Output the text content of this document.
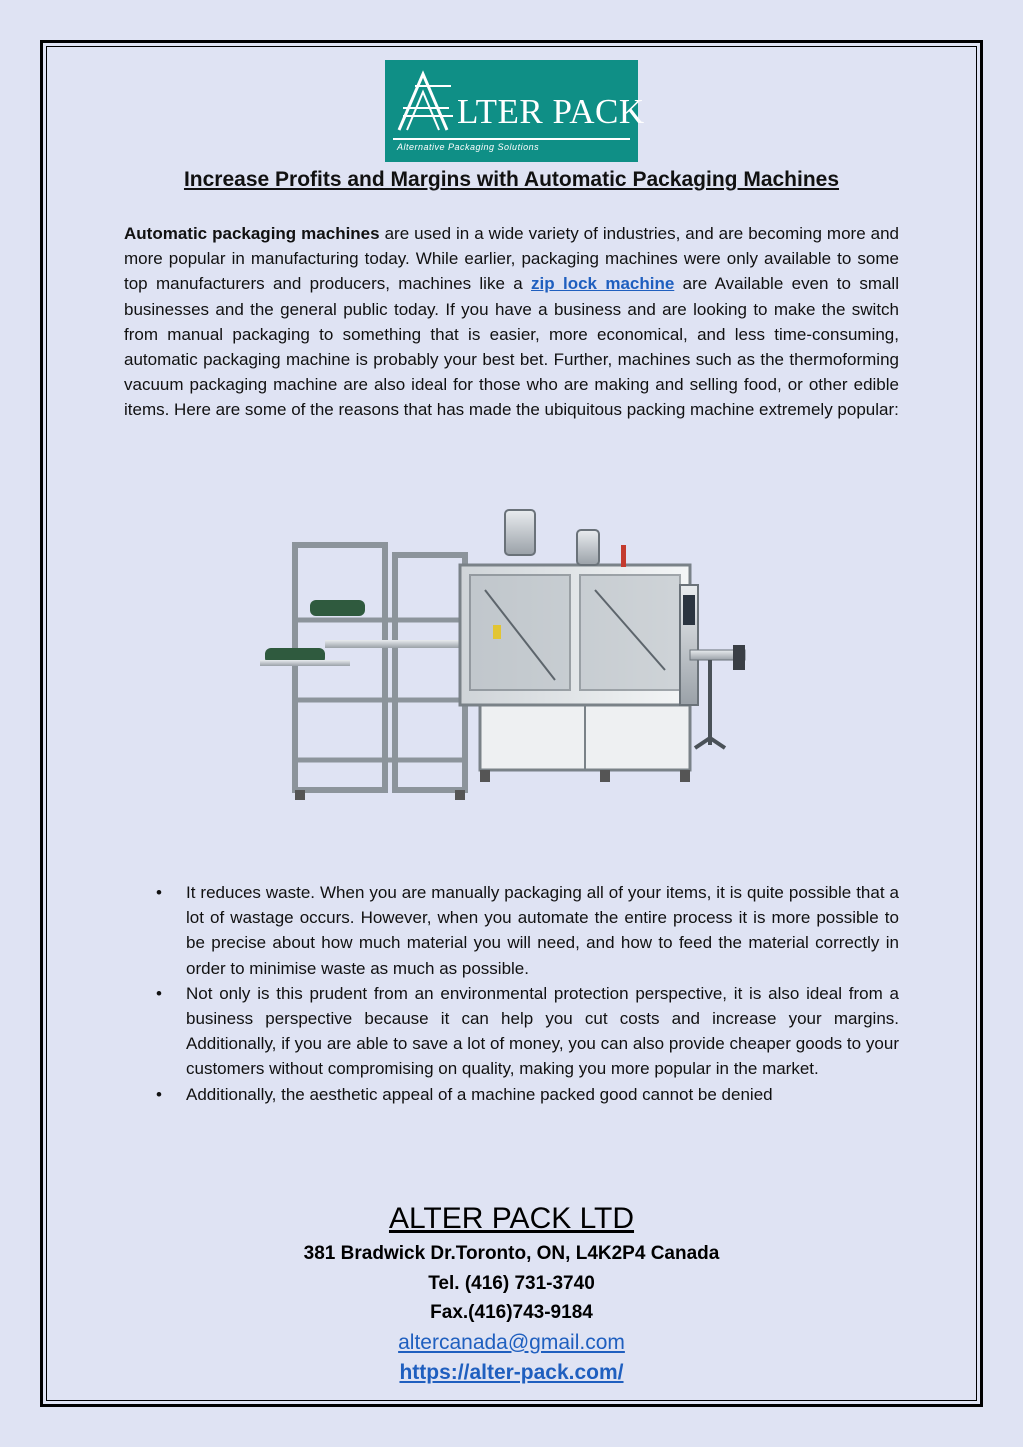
LTER PACK
Alternative Packaging Solutions
Increase Profits and Margins with Automatic Packaging Machines

Automatic packaging machines are used in a wide variety of industries, and are becoming more and more popular in manufacturing today. While earlier, packaging machines were only available to some top manufacturers and producers, machines like a zip lock machine are Available even to small businesses and the general public today. If you have a business and are looking to make the switch from manual packaging to something that is easier, more economical, and less time-consuming, automatic packaging machine is probably your best bet. Further, machines such as the thermoforming vacuum packaging machine are also ideal for those who are making and selling food, or other edible items. Here are some of the reasons that has made the ubiquitous packing machine extremely popular:

• It reduces waste. When you are manually packaging all of your items, it is quite possible that a lot of wastage occurs. However, when you automate the entire process it is more possible to be precise about how much material you will need, and how to feed the material correctly in order to minimise waste as much as possible.
• Not only is this prudent from an environmental protection perspective, it is also ideal from a business perspective because it can help you cut costs and increase your margins. Additionally, if you are able to save a lot of money, you can also provide cheaper goods to your customers without compromising on quality, making you more popular in the market.
• Additionally, the aesthetic appeal of a machine packed good cannot be denied
ALTER PACK LTD
381 Bradwick Dr.Toronto, ON, L4K2P4 Canada
Tel. (416) 731-3740
Fax.(416)743-9184
altercanada@gmail.com
https://alter-pack.com/
